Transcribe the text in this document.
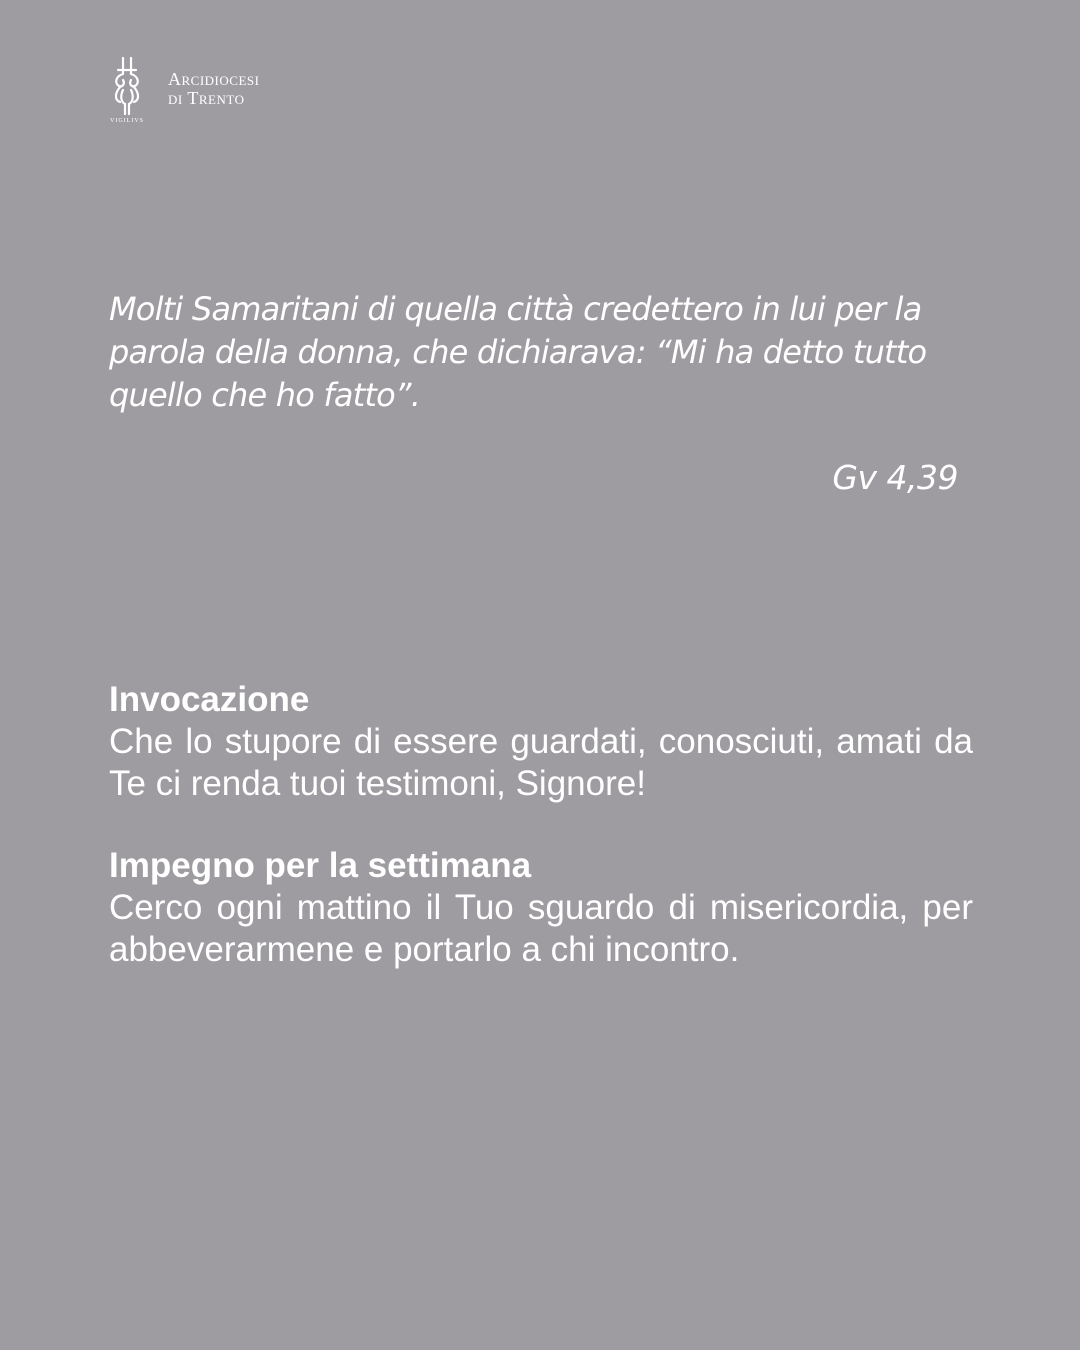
VIGILIVS
Arcidiocesi
di Trento

Molti Samaritani di quella città credettero in lui per la parola della donna, che dichiarava: “Mi ha detto tutto quello che ho fatto”.

Gv 4,39
Invocazione

Che lo stupore di essere guardati, conosciuti, amati da Te ci renda tuoi testimoni, Signore!

Impegno per la settimana

Cerco ogni mattino il Tuo sguardo di misericordia, per abbeverarmene e portarlo a chi incontro.
